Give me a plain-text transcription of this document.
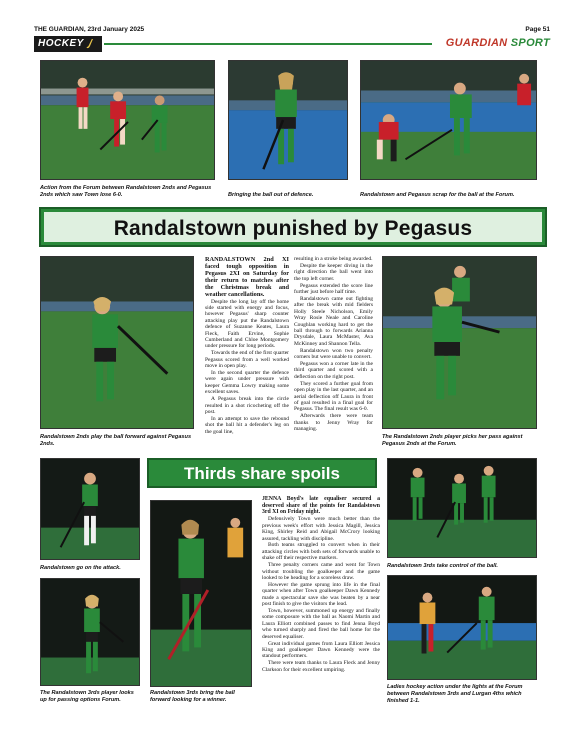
THE GUARDIAN, 23rd January 2025	Page 51
HOCKEY	GUARDIAN SPORT
Action from the Forum between Randalstown 2nds and Pegasus 2nds which saw Town lose 6-0.	Bringing the ball out of defence.	Randalstown and Pegasus scrap for the ball at the Forum.
Randalstown punished by Pegasus
Randalstown 2nds play the ball forward against Pegasus 2nds.

RANDALSTOWN 2nd XI faced tough opposition in Pegasus 2XI on Saturday for their return to matches after the Christmas break and weather cancellations.

Despite the long lay off the home side started with energy and focus, however Pegasus' sharp counter attacking play put the Randalstown defence of Suzanne Keates, Laura Fleck, Faith Ervine, Sophie Cumberland and Chloe Montgomery under pressure for long periods.

Towards the end of the first quarter Pegasus scored from a well worked move in open play.

In the second quarter the defence were again under pressure with keeper Gemma Lowry making some excellent saves.

A Pegasus break into the circle resulted in a shot ricocheting off the post.

In an attempt to save the rebound shot the ball hit a defender's leg on the goal line,

resulting in a stroke being awarded.

Despite the keeper diving in the right direction the ball went into the top left corner.

Pegasus extended the score line further just before half time.

Randalstown came out fighting after the break with mid fielders Holly Steele Nicholson, Emily Wray Rosie Neale and Caroline Coughlan working hard to get the ball through to forwards Arianna Drysdale, Laura McMaster, Ava McKinney and Shannon Tella.

Randalstown won two penalty corners but were unable to convert.

Pegasus won a corner late in the third quarter and scored with a deflection on the right post.

They scored a further goal from open play in the last quarter, and an aerial deflection off Laura in front of goal resulted in a final goal for Pegasus. The final result was 6-0.

Afterwards there were team thanks to Jenny Wray for managing.

The Randalstown 2nds player picks her pass against Pegasus 2nds at the Forum.
Thirds share spoils
Randalstown go on the attack.
The Randalstown 3rds player looks up for passing options Forum.
Randalstown 3rds bring the ball forward looking for a winner.

JENNA Boyd's late equaliser secured a deserved share of the points for Randalstown 3rd XI on Friday night.

Defensively Town were much better than the previous week's effort with Jessica Magill, Jessica King, Shirley Reid and Abigail McCrory looking assured, tackling with discipline.

Both teams struggled to convert when in their attacking circles with both sets of forwards unable to shake off their respective markers.

Three penalty corners came and went for Town without troubling the goalkeeper and the game looked to be heading for a scoreless draw.

However the game sprung into life in the final quarter when after Town goalkeeper Dawn Kennedy made a spectacular save she was beaten by a near post finish to give the visitors the lead.

Town, however, summoned up energy and finally some composure with the ball as Naomi Martin and Laura Elliott combined passes to find Jenna Boyd who turned sharply and fired the ball home for the deserved equaliser.

Great individual games from Laura Elliott Jessica King and goalkeeper Dawn Kennedy were the standout performers.

There were team thanks to Laura Fleck and Jenny Clarkson for their excellent umpiring.

Randalstown 3rds take control of the ball.
Ladies hockey action under the lights at the Forum between Randalstown 3rds and Lurgan 4ths which finished 1-1.
